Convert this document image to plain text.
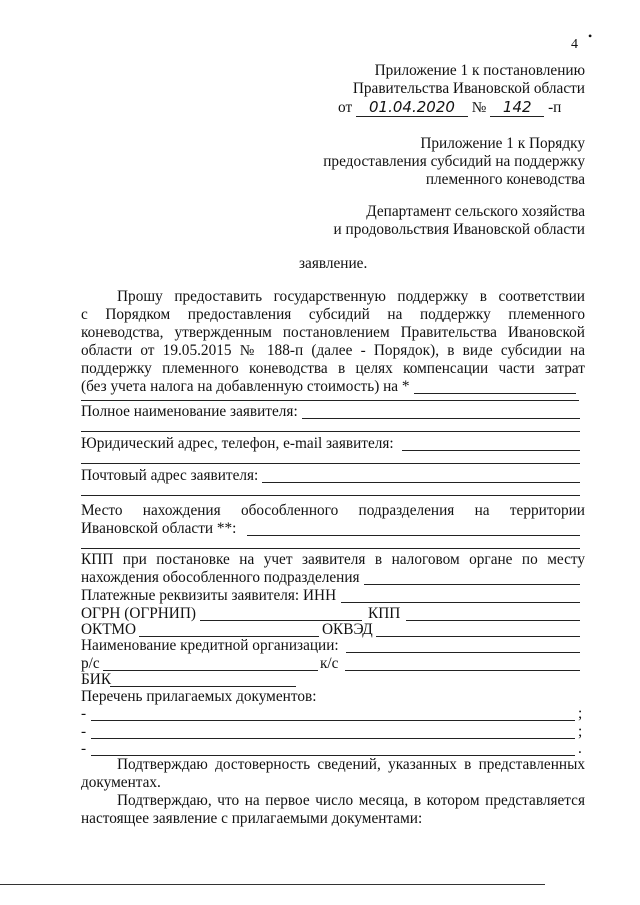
4
•
Приложение 1 к постановлению
Правительства Ивановской области
от 01.04.2020 № 142 -п
Приложение 1 к Порядку
предоставления субсидий на поддержку
племенного коневодства
Департамент сельского хозяйства
и продовольствия Ивановской области
заявление.
Прошу предоставить государственную поддержку в соответствии
с Порядком предоставления субсидий на поддержку племенного
коневодства, утвержденным постановлением Правительства Ивановской
области от 19.05.2015 № 188-п (далее - Порядок), в виде субсидии на
поддержку племенного коневодства в целях компенсации части затрат
(без учета налога на добавленную стоимость) на *
Полное наименование заявителя:
Юридический адрес, телефон, e-mail заявителя:
Почтовый адрес заявителя:
Место нахождения обособленного подразделения на территории
Ивановской области **:
КПП при постановке на учет заявителя в налоговом органе по месту
нахождения обособленного подразделения
Платежные реквизиты заявителя: ИНН
ОГРН (ОГРНИП)	КПП
ОКТМО	ОКВЭД
Наименование кредитной организации:
р/с	к/с
БИК
Перечень прилагаемых документов:
-	;
-	;
-	.
Подтверждаю достоверность сведений, указанных в представленных
документах.
Подтверждаю, что на первое число месяца, в котором представляется
настоящее заявление с прилагаемыми документами:
